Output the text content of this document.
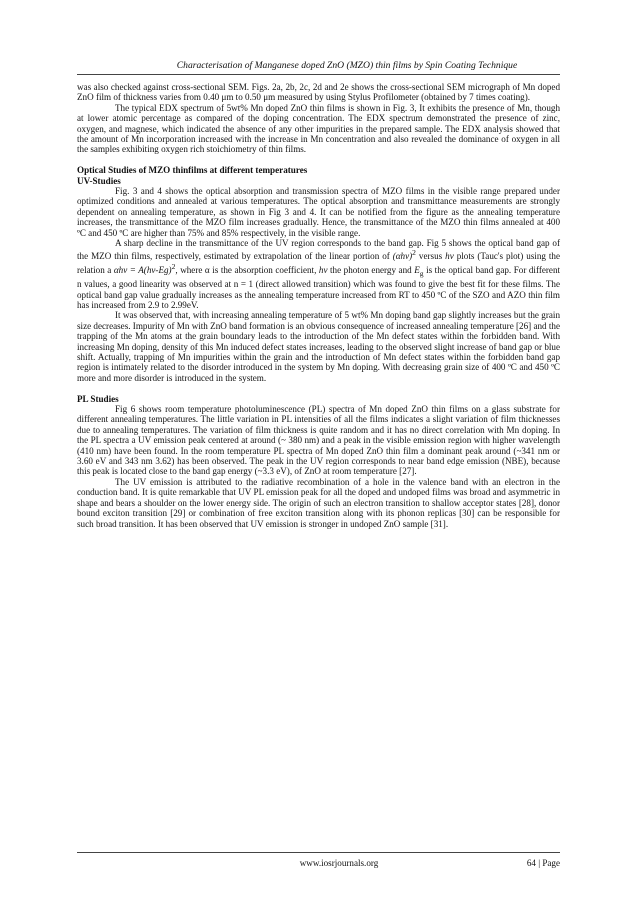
Characterisation of Manganese doped ZnO (MZO) thin films by Spin Coating Technique

was also checked against cross-sectional SEM. Figs. 2a, 2b, 2c, 2d and 2e shows the cross-sectional SEM micrograph of Mn doped ZnO film of thickness varies from 0.40 μm to 0.50 μm measured by using Stylus Profilometer (obtained by 7 times coating).

The typical EDX spectrum of 5wt% Mn doped ZnO thin films is shown in Fig. 3, It exhibits the presence of Mn, though at lower atomic percentage as compared of the doping concentration. The EDX spectrum demonstrated the presence of zinc, oxygen, and magnese, which indicated the absence of any other impurities in the prepared sample. The EDX analysis showed that the amount of Mn incorporation increased with the increase in Mn concentration and also revealed the dominance of oxygen in all the samples exhibiting oxygen rich stoichiometry of thin films.

Optical Studies of MZO thinfilms at different temperatures
UV-Studies

Fig. 3 and 4 shows the optical absorption and transmission spectra of MZO films in the visible range prepared under optimized conditions and annealed at various temperatures. The optical absorption and transmittance measurements are strongly dependent on annealing temperature, as shown in Fig 3 and 4. It can be notified from the figure as the annealing temperature increases, the transmittance of the MZO film increases gradually. Hence, the transmittance of the MZO thin films annealed at 400 ºC and 450 ºC are higher than 75% and 85% respectively, in the visible range.

A sharp decline in the transmittance of the UV region corresponds to the band gap. Fig 5 shows the optical band gap of the MZO thin films, respectively, estimated by extrapolation of the linear portion of $(\alpha hv)^2$ versus hv plots (Tauc's plot) using the relation a $\alpha hv = A(hv-Eg)^2$, where α is the absorption coefficient, hv the photon energy and $E_g$ is the optical band gap. For different n values, a good linearity was observed at n = 1 (direct allowed transition) which was found to give the best fit for these films. The optical band gap value gradually increases as the annealing temperature increased from RT to 450 ºC of the SZO and AZO thin film has increased from 2.9 to 2.99eV.

It was observed that, with increasing annealing temperature of 5 wt% Mn doping band gap slightly increases but the grain size decreases. Impurity of Mn with ZnO band formation is an obvious consequence of increased annealing temperature [26] and the trapping of the Mn atoms at the grain boundary leads to the introduction of the Mn defect states within the forbidden band. With increasing Mn doping, density of this Mn induced defect states increases, leading to the observed slight increase of band gap or blue shift. Actually, trapping of Mn impurities within the grain and the introduction of Mn defect states within the forbidden band gap region is intimately related to the disorder introduced in the system by Mn doping. With decreasing grain size of 400 ºC and 450 ºC more and more disorder is introduced in the system.

PL Studies

Fig 6 shows room temperature photoluminescence (PL) spectra of Mn doped ZnO thin films on a glass substrate for different annealing temperatures. The little variation in PL intensities of all the films indicates a slight variation of film thicknesses due to annealing temperatures. The variation of film thickness is quite random and it has no direct correlation with Mn doping. In the PL spectra a UV emission peak centered at around (~ 380 nm) and a peak in the visible emission region with higher wavelength (410 nm) have been found. In the room temperature PL spectra of Mn doped ZnO thin film a dominant peak around (~341 nm or 3.60 eV and 343 nm 3.62) has been observed. The peak in the UV region corresponds to near band edge emission (NBE), because this peak is located close to the band gap energy (~3.3 eV), of ZnO at room temperature [27].

The UV emission is attributed to the radiative recombination of a hole in the valence band with an electron in the conduction band. It is quite remarkable that UV PL emission peak for all the doped and undoped films was broad and asymmetric in shape and bears a shoulder on the lower energy side. The origin of such an electron transition to shallow acceptor states [28], donor bound exciton transition [29] or combination of free exciton transition along with its phonon replicas [30] can be responsible for such broad transition. It has been observed that UV emission is stronger in undoped ZnO sample [31].

www.iosrjournals.org	64 | Page
